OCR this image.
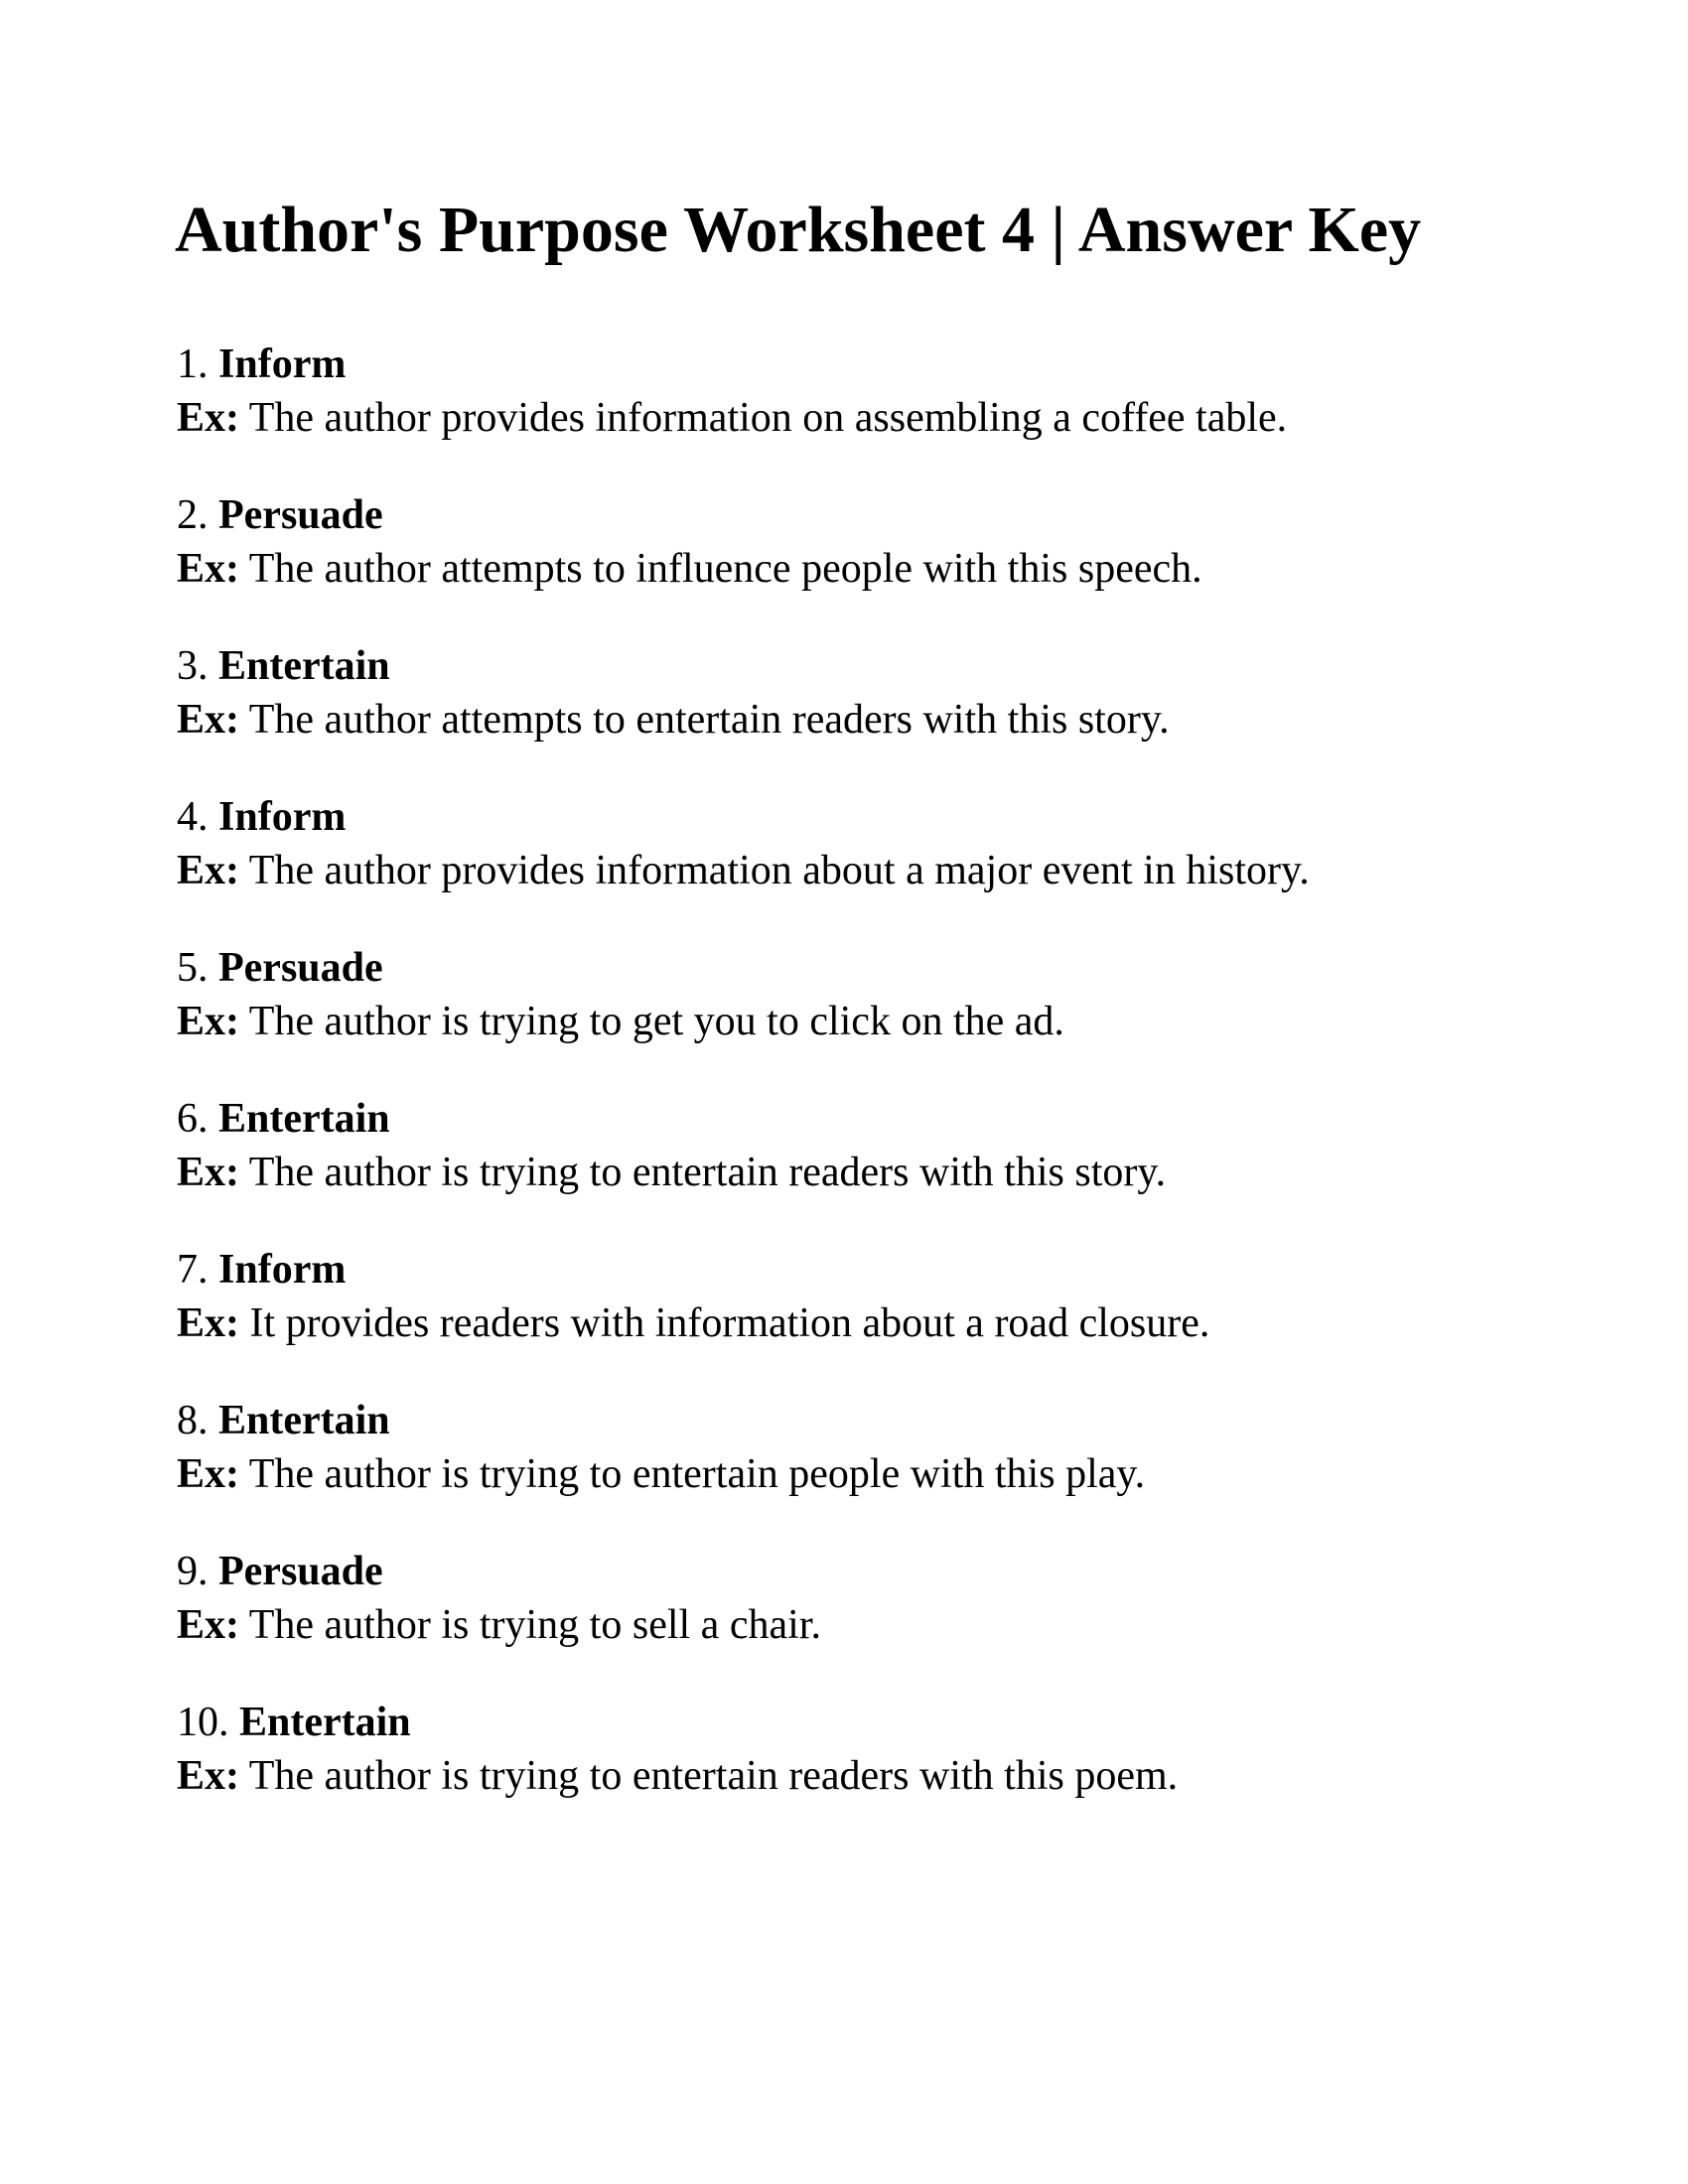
Author's Purpose Worksheet 4 | Answer Key
1. Inform
Ex: The author provides information on assembling a coffee table.
2. Persuade
Ex: The author attempts to influence people with this speech.
3. Entertain
Ex: The author attempts to entertain readers with this story.
4. Inform
Ex: The author provides information about a major event in history.
5. Persuade
Ex: The author is trying to get you to click on the ad.
6. Entertain
Ex: The author is trying to entertain readers with this story.
7. Inform
Ex: It provides readers with information about a road closure.
8. Entertain
Ex: The author is trying to entertain people with this play.
9. Persuade
Ex: The author is trying to sell a chair.
10. Entertain
Ex: The author is trying to entertain readers with this poem.
